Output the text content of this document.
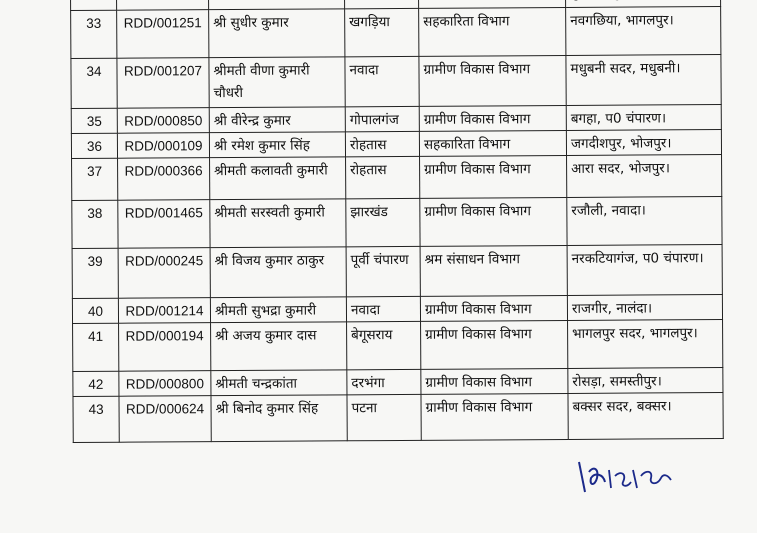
33	RDD/001251	श्री सुधीर कुमार	खगड़िया	सहकारिता विभाग	नवगछिया, भागलपुर।
34	RDD/001207	श्रीमती वीणा कुमारी चौधरी	नवादा	ग्रामीण विकास विभाग	मधुबनी सदर, मधुबनी।
35	RDD/000850	श्री वीरेन्द्र कुमार	गोपालगंज	ग्रामीण विकास विभाग	बगहा, प0 चंपारण।
36	RDD/000109	श्री रमेश कुमार सिंह	रोहतास	सहकारिता विभाग	जगदीशपुर, भोजपुर।
37	RDD/000366	श्रीमती कलावती कुमारी	रोहतास	ग्रामीण विकास विभाग	आरा सदर, भोजपुर।
38	RDD/001465	श्रीमती सरस्वती कुमारी	झारखंड	ग्रामीण विकास विभाग	रजौली, नवादा।
39	RDD/000245	श्री विजय कुमार ठाकुर	पूर्वी चंपारण	श्रम संसाधन विभाग	नरकटियागंज, प0 चंपारण।
40	RDD/001214	श्रीमती सुभद्रा कुमारी	नवादा	ग्रामीण विकास विभाग	राजगीर, नालंदा।
41	RDD/000194	श्री अजय कुमार दास	बेगूसराय	ग्रामीण विकास विभाग	भागलपुर सदर, भागलपुर।
42	RDD/000800	श्रीमती चन्द्रकांता	दरभंगा	ग्रामीण विकास विभाग	रोसड़ा, समस्तीपुर।
43	RDD/000624	श्री बिनोद कुमार सिंह	पटना	ग्रामीण विकास विभाग	बक्सर सदर, बक्सर।
